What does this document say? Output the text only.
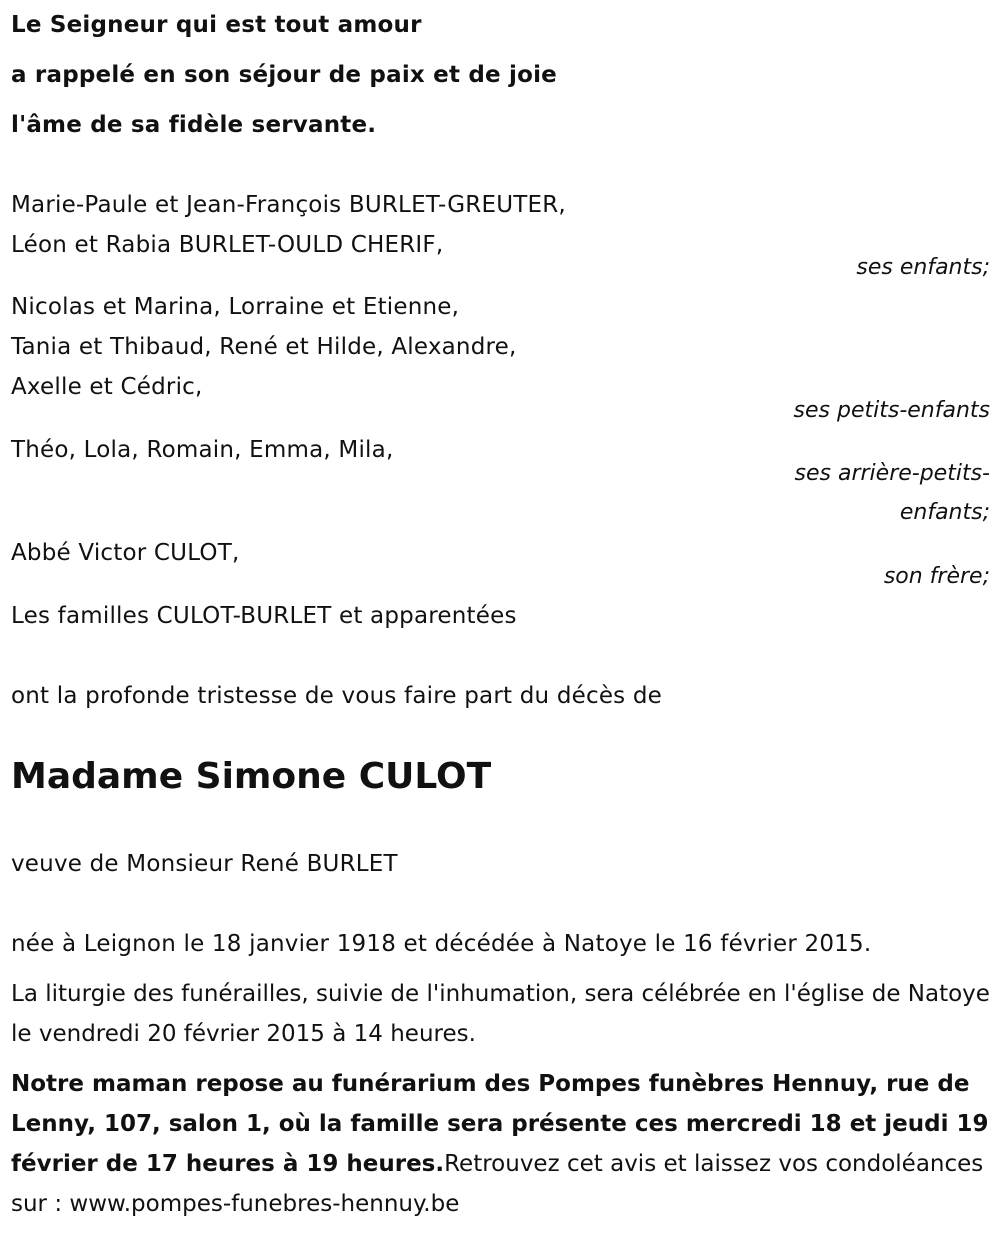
Le Seigneur qui est tout amour
a rappelé en son séjour de paix et de joie
l'âme de sa fidèle servante.
Marie-Paule et Jean-François BURLET-GREUTER,
Léon et Rabia BURLET-OULD CHERIF,
ses enfants;
Nicolas et Marina, Lorraine et Etienne,
Tania et Thibaud, René et Hilde, Alexandre,
Axelle et Cédric,
ses petits-enfants
Théo, Lola, Romain, Emma, Mila,
ses arrière-petits-
enfants;
Abbé Victor CULOT,
son frère;
Les familles CULOT-BURLET et apparentées
ont la profonde tristesse de vous faire part du décès de
Madame Simone CULOT
veuve de Monsieur René BURLET
née à Leignon le 18 janvier 1918 et décédée à Natoye le 16 février 2015.
La liturgie des funérailles, suivie de l'inhumation, sera célébrée en l'église de Natoye le vendredi 20 février 2015 à 14 heures.
Notre maman repose au funérarium des Pompes funèbres Hennuy, rue de Lenny, 107, salon 1, où la famille sera présente ces mercredi 18 et jeudi 19 février de 17 heures à 19 heures.Retrouvez cet avis et laissez vos condoléances sur : www.pompes-funebres-hennuy.be
